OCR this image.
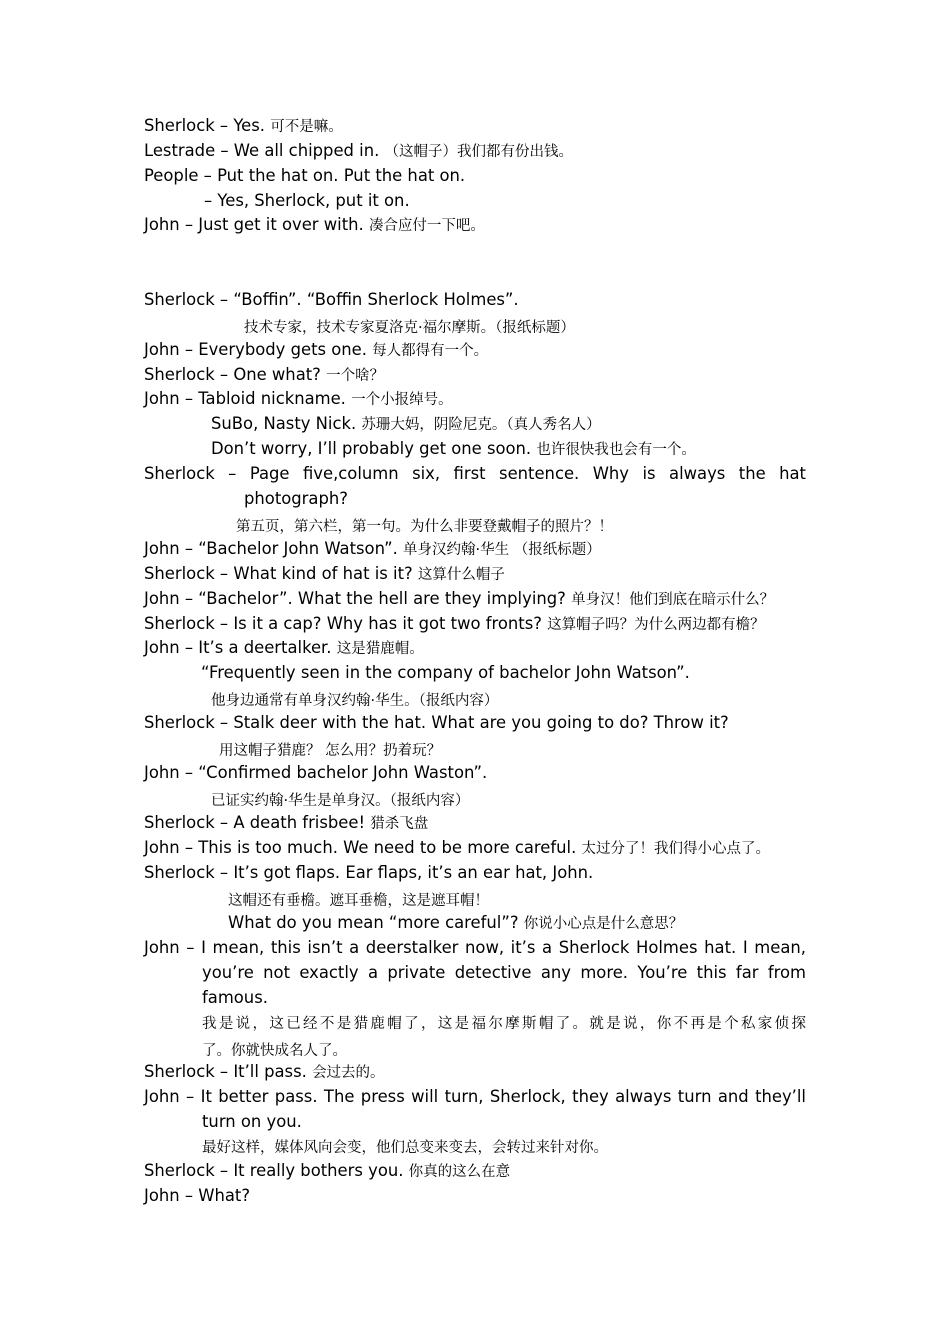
Sherlock – Yes. 可不是嘛。
Lestrade – We all chipped in. （这帽子）我们都有份出钱。
People – Put the hat on. Put the hat on.
– Yes, Sherlock, put it on.
John – Just get it over with. 凑合应付一下吧。
Sherlock – “Boffin”. “Boffin Sherlock Holmes”.
技术专家，技术专家夏洛克·福尔摩斯。（报纸标题）
John – Everybody gets one. 每人都得有一个。
Sherlock – One what? 一个啥？
John – Tabloid nickname. 一个小报绰号。
SuBo, Nasty Nick. 苏珊大妈，阴险尼克。（真人秀名人）
Don’t worry, I’ll probably get one soon. 也许很快我也会有一个。
Sherlock – Page five,column six, first sentence. Why is always the hat
photograph?
第五页，第六栏，第一句。为什么非要登戴帽子的照片？！
John – “Bachelor John Watson”. 单身汉约翰·华生 （报纸标题）
Sherlock – What kind of hat is it? 这算什么帽子
John – “Bachelor”. What the hell are they implying? 单身汉！他们到底在暗示什么？
Sherlock – Is it a cap? Why has it got two fronts? 这算帽子吗？为什么两边都有檐？
John – It’s a deertalker. 这是猎鹿帽。
“Frequently seen in the company of bachelor John Watson”.
他身边通常有单身汉约翰·华生。（报纸内容）
Sherlock – Stalk deer with the hat. What are you going to do? Throw it?
用这帽子猎鹿？ 怎么用？扔着玩？
John – “Confirmed bachelor John Waston”.
已证实约翰·华生是单身汉。（报纸内容）
Sherlock – A death frisbee! 猎杀飞盘
John – This is too much. We need to be more careful. 太过分了！我们得小心点了。
Sherlock – It’s got flaps. Ear flaps, it’s an ear hat, John.
这帽还有垂檐。遮耳垂檐，这是遮耳帽！
What do you mean “more careful”? 你说小心点是什么意思？
John – I mean, this isn’t a deerstalker now, it’s a Sherlock Holmes hat. I mean,
you’re not exactly a private detective any more. You’re this far from
famous.
我是说，这已经不是猎鹿帽了，这是福尔摩斯帽了。就是说，你不再是个私家侦探
了。你就快成名人了。
Sherlock – It’ll pass. 会过去的。
John – It better pass. The press will turn, Sherlock, they always turn and they’ll
turn on you.
最好这样，媒体风向会变，他们总变来变去，会转过来针对你。
Sherlock – It really bothers you. 你真的这么在意
John – What?
